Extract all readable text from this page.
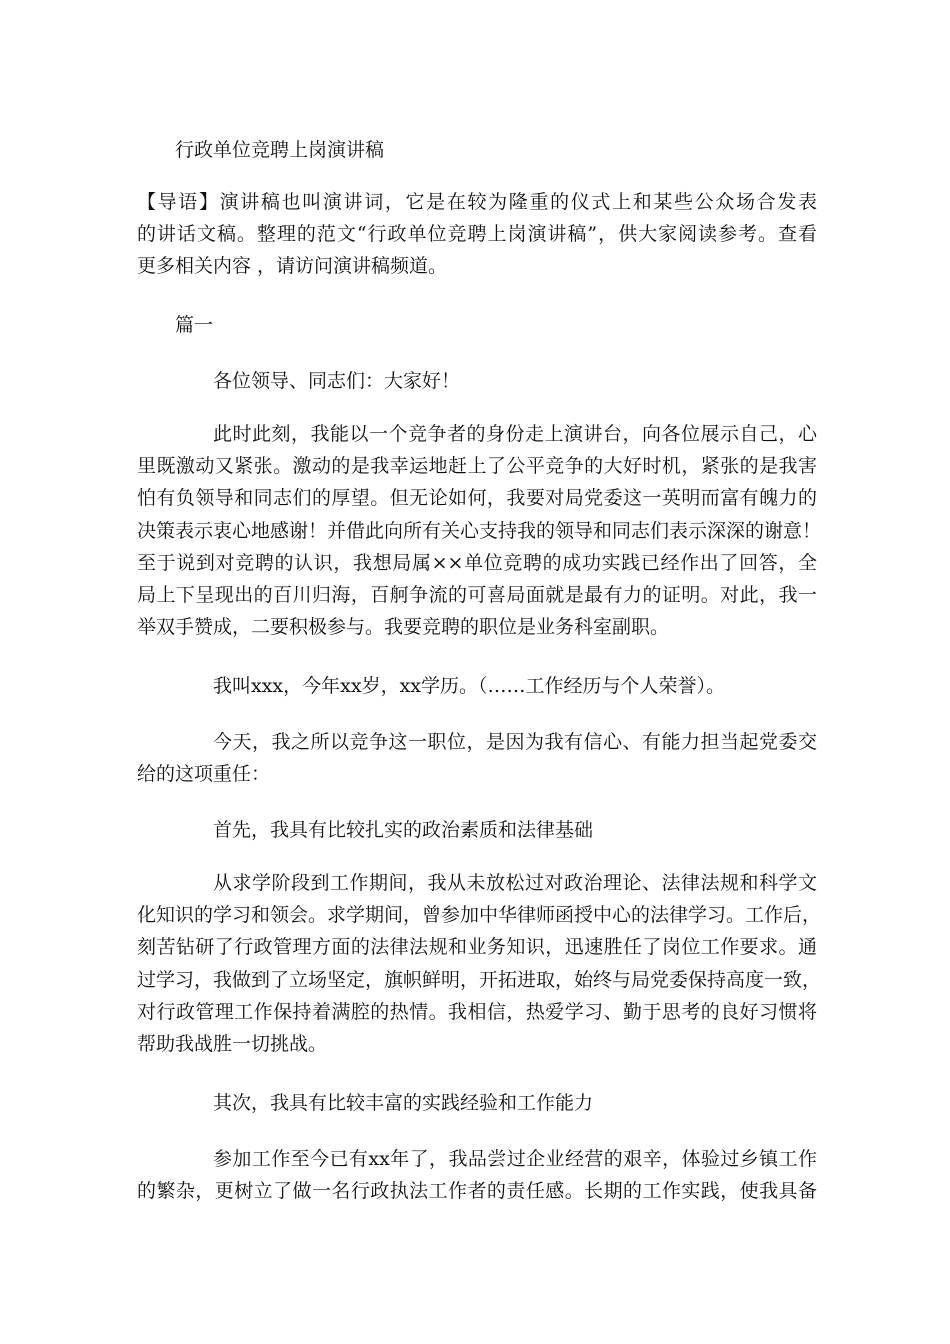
行政单位竞聘上岗演讲稿
【导语】演讲稿也叫演讲词，它是在较为隆重的仪式上和某些公众场合发表
的讲话文稿。整理的范文“行政单位竞聘上岗演讲稿”，供大家阅读参考。查看
更多相关内容 ，请访问演讲稿频道。
篇一
各位领导、同志们：大家好！
此时此刻，我能以一个竞争者的身份走上演讲台，向各位展示自己，心
里既激动又紧张。激动的是我幸运地赶上了公平竞争的大好时机，紧张的是我害
怕有负领导和同志们的厚望。但无论如何，我要对局党委这一英明而富有魄力的
决策表示衷心地感谢！并借此向所有关心支持我的领导和同志们表示深深的谢意！
至于说到对竞聘的认识，我想局属××单位竞聘的成功实践已经作出了回答，全
局上下呈现出的百川归海，百舸争流的可喜局面就是最有力的证明。对此，我一
举双手赞成，二要积极参与。我要竞聘的职位是业务科室副职。
我叫xxx，今年xx岁，xx学历。（……工作经历与个人荣誉）。
今天，我之所以竞争这一职位，是因为我有信心、有能力担当起党委交
给的这项重任：
首先，我具有比较扎实的政治素质和法律基础
从求学阶段到工作期间，我从未放松过对政治理论、法律法规和科学文
化知识的学习和领会。求学期间，曾参加中华律师函授中心的法律学习。工作后，
刻苦钻研了行政管理方面的法律法规和业务知识，迅速胜任了岗位工作要求。通
过学习，我做到了立场坚定，旗帜鲜明，开拓进取，始终与局党委保持高度一致，
对行政管理工作保持着满腔的热情。我相信，热爱学习、勤于思考的良好习惯将
帮助我战胜一切挑战。
其次，我具有比较丰富的实践经验和工作能力
参加工作至今已有xx年了，我品尝过企业经营的艰辛，体验过乡镇工作
的繁杂，更树立了做一名行政执法工作者的责任感。长期的工作实践，使我具备
